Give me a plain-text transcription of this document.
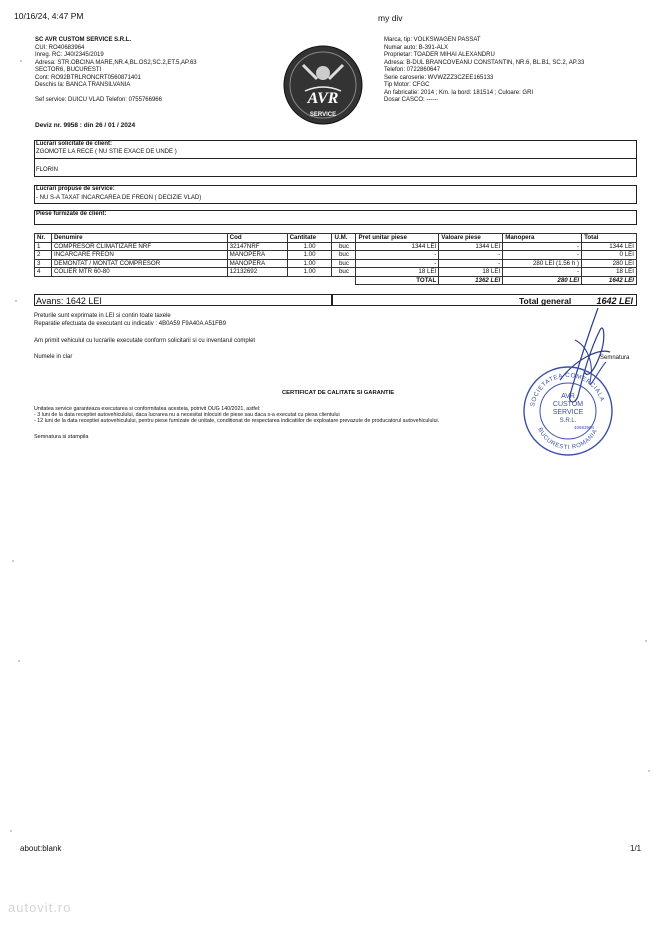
10/16/24, 4:47 PM	my div
about:blank	1/1
SC AVR CUSTOM SERVICE S.R.L.
CUI: RO40683964
Inreg. RC: J40/2345/2019
Adresa: STR.OBCINA MARE,NR.4,BL.OS2,SC.2,ET.5,AP.63
SECTOR6, BUCURESTI
Cont: RO92BTRLRONCRT0560871401
Deschis la: BANCA TRANSILVANIA
Sef service: DUICU VLAD Telefon: 0755766966	AVR
SERVICE
Marca, tip: VOLKSWAGEN PASSAT
Numar auto: B-391-ALX
Proprietar: TOADER MIHAI ALEXANDRU
Adresa: B-DUL BRANCOVEANU CONSTANTIN, NR.6, BL.B1, SC.2, AP.33
Telefon: 0722860647
Serie caroserie: WVWZZZ3CZEE165133
Tip Motor: CFGC
An fabricatie: 2014 ; Km. la bord: 181514 ; Culoare: GRI
Dosar CASCO: ------
Deviz nr. 9958 : din 26 / 01 / 2024
Lucrari solicitate de client:
ZGOMOTE LA RECE ( NU STIE EXACE DE UNDE )
FLORIN
Lucrari propuse de service:
- NU S-A TAXAT INCARCAREA DE FREON ( DECIZIE VLAD)
Piese furnizate de client:
Nr.	Denumire	Cod	Cantitate	U.M.	Pret unitar piese	Valoare piese	Manopera	Total
1	COMPRESOR CLIMATIZARE NRF	32147NRF	1.00	buc	1344 LEI	1344 LEI	-	1344 LEI
2	INCARCARE FREON	MANOPERA	1.00	buc	-	-	-	0 LEI
3	DEMONTAT / MONTAT COMPRESOR	MANOPERA	1.00	buc	-	-	280 LEI (1.56 h )	280 LEI
4	COLIER MTR 60-80	12132692	1.00	buc	18 LEI	18 LEI	-	18 LEI
					TOTAL	1362 LEI	280 LEI	1642 LEI
Avans: 1642 LEI	Total general	1642 LEI
Preturile sunt exprimate in LEI si contin toate taxele
Reparatie efectuata de executant cu indicativ : 4B0A59 F9A40A A51FB9
Am primit vehiculul cu lucrarile executate conform solicitarii si cu inventarul complet
Numele in clar	Semnatura
SOCIETATEA COMERCIALA
BUCURESTI ROMANIA
AVR
CUSTOM
SERVICE
S.R.L.
40683964
CERTIFICAT DE CALITATE SI GARANTIE
Unitatea service garanteaza executarea si conformitatea acesteia, potrivit OUG 140/2021, astfel:
- 3 luni de la data receptiei autovehiculului, daca lucrarea nu a necesitat inlocuiri de piese sau daca s-a executat cu piesa clientului
- 12 luni de la data receptiei autovehiculului, pentru piese furnizate de unitate, conditionat de respectarea indicatiilor de exploatare prevazute de producatorul autovehiculului.
Semnatura si stampila
autovit.ro
